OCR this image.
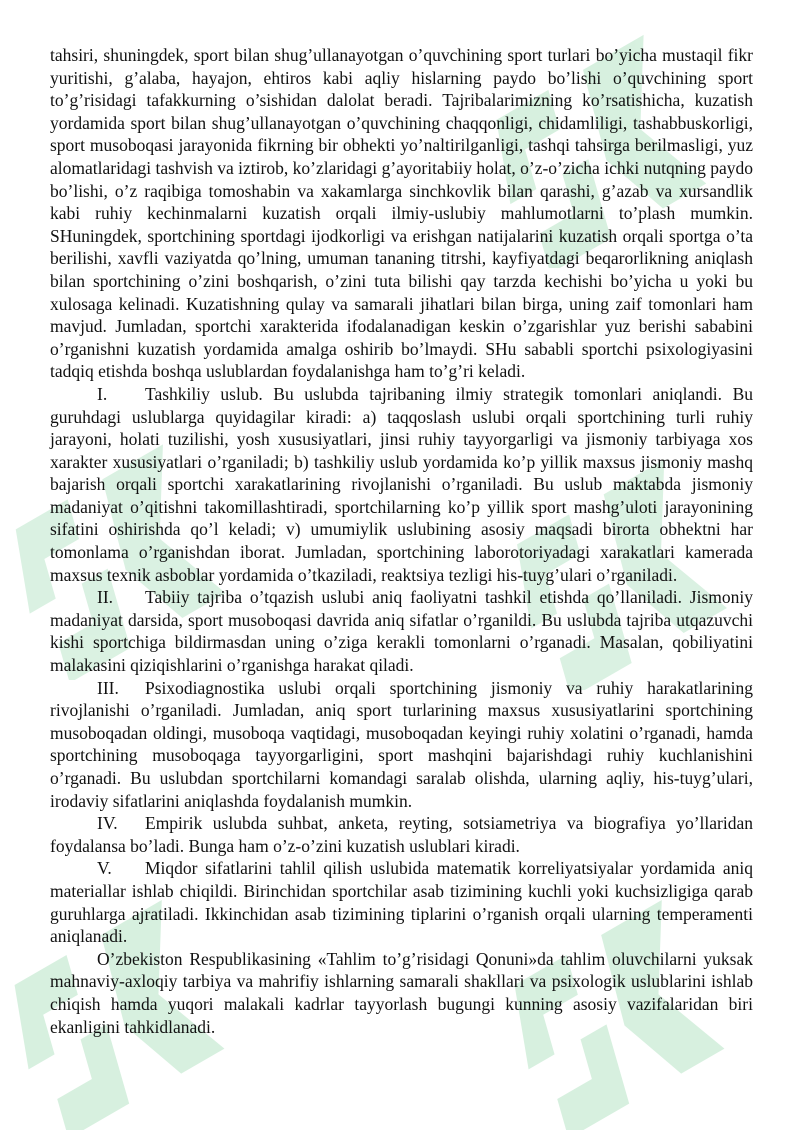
tahsiri, shuningdek, sport bilan shug’ullanayotgan o’quvchining sport turlari bo’yicha mustaqil fikr yuritishi, g’alaba, hayajon, ehtiros kabi aqliy hislarning paydo bo’lishi o’quvchining sport to’g’risidagi tafakkurning o’sishidan dalolat beradi. Tajribalarimizning ko’rsatishicha, kuzatish yordamida sport bilan shug’ullanayotgan o’quvchining chaqqonligi, chidamliligi, tashabbuskorligi, sport musoboqasi jarayonida fikrning bir obhekti yo’naltirilganligi, tashqi tahsirga berilmasligi, yuz alomatlaridagi tashvish va iztirob, ko’zlaridagi g’ayoritabiiy holat, o’z-o’zicha ichki nutqning paydo bo’lishi, o’z raqibiga tomoshabin va xakamlarga sinchkovlik bilan qarashi, g’azab va xursandlik kabi ruhiy kechinmalarni kuzatish orqali ilmiy-uslubiy mahlumotlarni to’plash mumkin. SHuningdek, sportchining sportdagi ijodkorligi va erishgan natijalarini kuzatish orqali sportga o’ta berilishi, xavfli vaziyatda qo’lning, umuman tananing titrshi, kayfiyatdagi beqarorlikning aniqlash bilan sportchining o’zini boshqarish, o’zini tuta bilishi qay tarzda kechishi bo’yicha u yoki bu xulosaga kelinadi. Kuzatishning qulay va samarali jihatlari bilan birga, uning zaif tomonlari ham mavjud. Jumladan, sportchi xarakterida ifodalanadigan keskin o’zgarishlar yuz berishi sababini o’rganishni kuzatish yordamida amalga oshirib bo’lmaydi. SHu sababli sportchi psixologiyasini tadqiq etishda boshqa uslublardan foydalanishga ham to’g’ri keladi.

I. Tashkiliy uslub. Bu uslubda tajribaning ilmiy strategik tomonlari aniqlandi. Bu guruhdagi uslublarga quyidagilar kiradi: a) taqqoslash uslubi orqali sportchining turli ruhiy jarayoni, holati tuzilishi, yosh xususiyatlari, jinsi ruhiy tayyorgarligi va jismoniy tarbiyaga xos xarakter xususiyatlari o’rganiladi; b) tashkiliy uslub yordamida ko’p yillik maxsus jismoniy mashq bajarish orqali sportchi xarakatlarining rivojlanishi o’rganiladi. Bu uslub maktabda jismoniy madaniyat o’qitishni takomillashtiradi, sportchilarning ko’p yillik sport mashg’uloti jarayonining sifatini oshirishda qo’l keladi; v) umumiylik uslubining asosiy maqsadi birorta obhektni har tomonlama o’rganishdan iborat. Jumladan, sportchining laborotoriyadagi xarakatlari kamerada maxsus texnik asboblar yordamida o’tkaziladi, reaktsiya tezligi his-tuyg’ulari o’rganiladi.

II. Tabiiy tajriba o’tqazish uslubi aniq faoliyatni tashkil etishda qo’llaniladi. Jismoniy madaniyat darsida, sport musoboqasi davrida aniq sifatlar o’rganildi. Bu uslubda tajriba utqazuvchi kishi sportchiga bildirmasdan uning o’ziga kerakli tomonlarni o’rganadi. Masalan, qobiliyatini malakasini qiziqishlarini o’rganishga harakat qiladi.

III. Psixodiagnostika uslubi orqali sportchining jismoniy va ruhiy harakatlarining rivojlanishi o’rganiladi. Jumladan, aniq sport turlarining maxsus xususiyatlarini sportchining musoboqadan oldingi, musoboqa vaqtidagi, musoboqadan keyingi ruhiy xolatini o’rganadi, hamda sportchining musoboqaga tayyorgarligini, sport mashqini bajarishdagi ruhiy kuchlanishini o’rganadi. Bu uslubdan sportchilarni komandagi saralab olishda, ularning aqliy, his-tuyg’ulari, irodaviy sifatlarini aniqlashda foydalanish mumkin.

IV. Empirik uslubda suhbat, anketa, reyting, sotsiametriya va biografiya yo’llaridan foydalansa bo’ladi. Bunga ham o’z-o’zini kuzatish uslublari kiradi.

V. Miqdor sifatlarini tahlil qilish uslubida matematik korreliyatsiyalar yordamida aniq materiallar ishlab chiqildi. Birinchidan sportchilar asab tizimining kuchli yoki kuchsizligiga qarab guruhlarga ajratiladi. Ikkinchidan asab tizimining tiplarini o’rganish orqali ularning temperamenti aniqlanadi.

O’zbekiston Respublikasining «Tahlim to’g’risidagi Qonuni»da tahlim oluvchilarni yuksak mahnaviy-axloqiy tarbiya va mahrifiy ishlarning samarali shakllari va psixologik uslublarini ishlab chiqish hamda yuqori malakali kadrlar tayyorlash bugungi kunning asosiy vazifalaridan biri ekanligini tahkidlanadi.
